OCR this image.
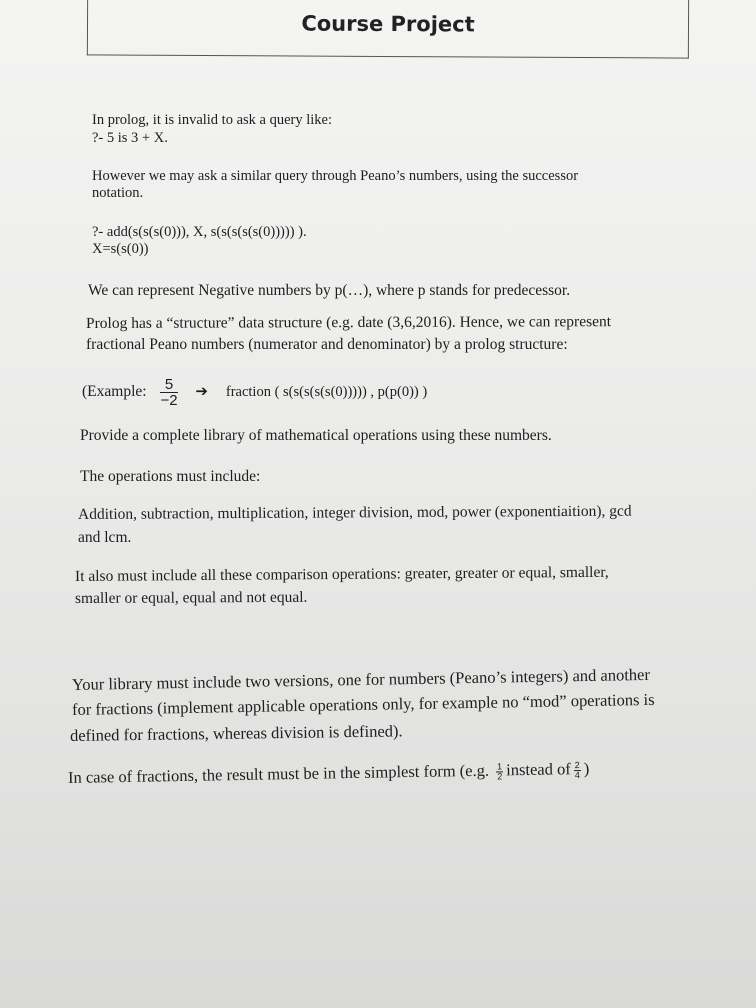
Course Project
In prolog, it is invalid to ask a query like:
?- 5 is 3 + X.
However we may ask a similar query through Peano’s numbers, using the successor
notation.
?- add(s(s(s(0))), X, s(s(s(s(s(0))))) ).
X=s(s(0))
We can represent Negative numbers by p(…), where p stands for predecessor.
Prolog has a “structure” data structure (e.g. date (3,6,2016). Hence, we can represent
fractional Peano numbers (numerator and denominator) by a prolog structure:
(Example: $\frac{5}{-2}$ ➔ fraction ( s(s(s(s(s(0))))) , p(p(0)) )
Provide a complete library of mathematical operations using these numbers.
The operations must include:
Addition, subtraction, multiplication, integer division, mod, power (exponentiaition), gcd
and lcm.
It also must include all these comparison operations: greater, greater or equal, smaller,
smaller or equal, equal and not equal.
Your library must include two versions, one for numbers (Peano’s integers) and another
for fractions (implement applicable operations only, for example no “mod” operations is
defined for fractions, whereas division is defined).
In case of fractions, the result must be in the simplest form (e.g. $\frac{1}{2}$ instead of $\frac{2}{4}$ )
